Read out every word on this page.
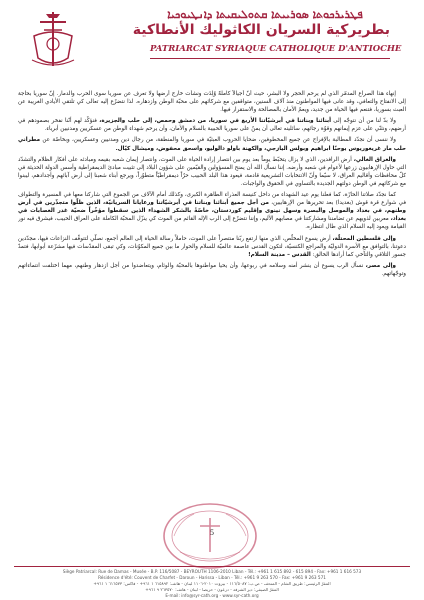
ܦܛܪܝܪܟܘܬܐ ܣܘܪܝܝܬܐ ܩܬܘܠܝܩܝܬܐ ܕܐܢܛܝܘܟܝܐ
بطريركية السريان الكاثوليك الأنطاكية
PATRIARCAT SYRIAQUE CATHOLIQUE D'ANTIOCHE

إنهاء هذا الصراع المدمّر الذي لم يرحم الحجر ولا البشر، حيث أنّ أجيالاً كاملةً وُلِدَت ونشأت خارج أرضها ولا تعرف عن سوريا سوى الحرب والدمار. إنّ سوريا بحاجة إلى الانفتاح والتعافي، وقد عانى فيها المواطنون منذ آلاف السنين، متواقفين مع شركائهم على محبّة الوطن وازدهاره. لذا نتضرّع إليه تعالى كي تلتقي الأيادي الغريبة عن العبث بسوريا، فتنعم فيها الحياة من جديد، ويعمّ الأمان بالمصالحة والاستقرار فيها.

ولا بدّ لنا من أن نتوجّه إلى أبنائنا وبناتنا في أبرشيّاتنا الأربع في سوريا، من دمشق وحمص، إلى حلب والجزيرة، فنؤكّد لهم أنّنا نفخر بصمودهم في أرضهم، ونثنّي على عزم إيمانهم وقوّة رجائهم، سائلينه تعالى أن يمنّ على سوريا الحبيبة بالسلام والأمان، وأن يرحم شهداء الوطن من عسكريين ومدنيين أبرياء.

ولا ننسى أن نجدّد المطالبة بالإفراج عن جميع المخطوفين، ضحايا الحروب العبثيّة في سوريا والمنطقة، من رجال دين ومدنيين وعسكريين، وبخاصّة عن مطراني حلب مار غريغوريوس يوحنّا ابراهيم وبولس اليازجي، والكهنة باولو دالوليو، واسحق محفوض، وميشال كيّال.

والعراق الغالي، أرض الرافدين، الذي لا يزال يتخبّط يوماً بعد يوم بين انتصار إرادة الحياة على الموت، وانتصار إيمان شعبه بقيمه ومبادئه على أفكار الظلام والتشدّد التي حاول الإرهابيون زرعها لأعوام في شعبه وأرضه. إننا نسأل الله أن يمنح المسؤولين والقيّمين على شؤون البلاد إلى تثبيت مبادئ الديمقراطية وأسس الدولة الحديثة في كلّ محافظات وأقاليم العراق، لا سيّما وأنّ الانتخابات التشريعية قادمة، فيعود هذا البلد الحبيب حرّاً ديمقراطيّاً متطوّراً، ويرجع أبناء شعبنا إلى أرض آبائهم وأجدادهم، ليبنوا مع شركائهم في الوطن دولتهم الجديدة بالتساوي في الحقوق والواجبات.

كما نجدّد صلاتنا الحارّة، كما فعلنا يوم عيد الشهداء من داخل كنيسة العذراء الطاهرة الكبرى، وكذلك أمام الآلاف من الجموع التي شاركنا معها في المسيرة والتطواف في شوارع قرة قوش (بغديدا) بعد تحريرها من الإرهابيين، من أجل جميع أبنائنا وبناتنا في أبرشيّاتنا ورعايانا السريانيّة، الذين ظلّوا متجذّرين في أرض وطنهم، في بغداد والموصل والبصرة وسهل نينوى وإقليم كوردستان، خاصّةً بالشكر الشهداء الذين سقطوا مؤخّراً ضحيّة غدر العصابات في بغداد، معربين لذويهم عن تضامننا ومشاركتنا في مصابهم الأليم، وإننا نتضرّع إلى الرب الإله القائم من الموت كي ينزّل المحبّة الكاملة على العراق الحبيب، فيشرق فيه نور القيامة ويعود إليه السلام الذي طال انتظاره.

وإلى فلسطين المحتلّة، أرض يسوع المخلّص، الذي منها ارتفع ربّنا منتصراً على الموت، حاملاً رسالة الحياة إلى العالم أجمع، نصلّي لتتوقّف النزاعات فيها، مجدّدين دعوتنا، بالتوافق مع الأسرة الدوليّة والمراجع الكنسيّة، لتكون القدس عاصمة عالميّة للسلام والحوار ما بين جميع المكوّنات، وكي تبقى المقدّسات فيها مشرّعة أبوابها، فتمدّ جسور التلاقي والتآخي كما أرادها الخالق: القدس – مدينة السلام!

وإلى مصر، نسأل الرب يسوع أن ينشر أمنه وسلامه في ربوعها، وأن يحيا مواطنوها بالمحبّة والوئام، ويتعاضدوا من أجل ازدهار وطنهم، مهما اختلفت انتماءاتهم وتوجّهاتهم.

5
Siège Patriarcal: Rue de Damas - Musée - B.P. 116/5087 - BEYROUTH 1106-2010 Liban - Tél.: +961 1 615 892 - 615 894 - Fax: +961 1 616 573
Résidence d'été: Couvent de Charfet - Daroun - Harissa - Liban - Tél.: +961 9 263 570 - Fax: +961 9 263 571
المقرّ الرئيسي: طريق الشام - المتحف - ص.ب: ١١٦/٥٠٨٧ - بيروت ٢٠١٠-١١٠٦ لبنان - هاتف: ٦١٥٨٩٢ ١ ٩٦١+ - فاكس: ٦١٦٥٧٣ ١ ٩٦١+
المقرّ الصيفي: دير الشرفة - درعون - حريصا - لبنان - هاتف: ٢٦٣٥٧٠ ٩ ٩٦١+
E-mail: info@syr-cath.org - www.syr-cath.org
